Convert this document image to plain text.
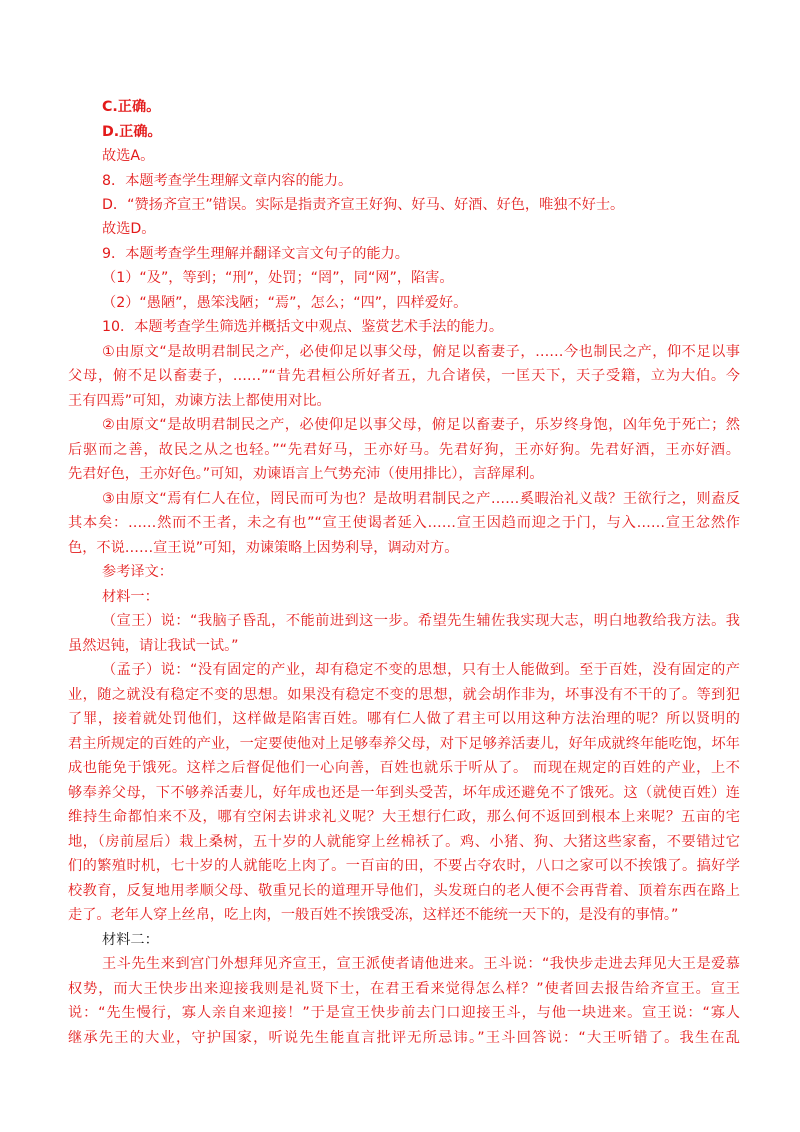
C.正确。
D.正确。
故选A。
8．本题考查学生理解文章内容的能力。
D．“赞扬齐宣王”错误。实际是指责齐宣王好狗、好马、好酒、好色，唯独不好士。
故选D。
9．本题考查学生理解并翻译文言文句子的能力。
（1）“及”，等到；“刑”，处罚；“罔”，同“网”，陷害。
（2）“愚陋”，愚笨浅陋；“焉”，怎么；“四”，四样爱好。
10．本题考查学生筛选并概括文中观点、鉴赏艺术手法的能力。
①由原文“是故明君制民之产，必使仰足以事父母，俯足以畜妻子，……今也制民之产，仰不足以事
父母，俯不足以畜妻子，……”“昔先君桓公所好者五，九合诸侯，一匡天下，天子受籍，立为大伯。今
王有四焉”可知，劝谏方法上都使用对比。
②由原文“是故明君制民之产，必使仰足以事父母，俯足以畜妻子，乐岁终身饱，凶年免于死亡；然
后驱而之善，故民之从之也轻。”“先君好马，王亦好马。先君好狗，王亦好狗。先君好酒，王亦好酒。
先君好色，王亦好色。”可知，劝谏语言上气势充沛（使用排比），言辞犀利。
③由原文“焉有仁人在位，罔民而可为也？是故明君制民之产……奚暇治礼义哉？王欲行之，则盍反
其本矣：……然而不王者，未之有也”“宣王使谒者延入……宣王因趋而迎之于门，与入……宣王忿然作
色，不说……宣王说”可知，劝谏策略上因势利导，调动对方。
参考译文：
材料一：
（宣王）说：“我脑子昏乱，不能前进到这一步。希望先生辅佐我实现大志，明白地教给我方法。我
虽然迟钝，请让我试一试。”
（孟子）说：“没有固定的产业，却有稳定不变的思想，只有士人能做到。至于百姓，没有固定的产
业，随之就没有稳定不变的思想。如果没有稳定不变的思想，就会胡作非为，坏事没有不干的了。等到犯
了罪，接着就处罚他们，这样做是陷害百姓。哪有仁人做了君主可以用这种方法治理的呢？所以贤明的
君主所规定的百姓的产业，一定要使他对上足够奉养父母，对下足够养活妻儿，好年成就终年能吃饱，坏年
成也能免于饿死。这样之后督促他们一心向善，百姓也就乐于听从了。 而现在规定的百姓的产业，上不
够奉养父母，下不够养活妻儿，好年成也还是一年到头受苦，坏年成还避免不了饿死。这（就使百姓）连
维持生命都怕来不及，哪有空闲去讲求礼义呢？大王想行仁政，那么何不返回到根本上来呢？五亩的宅
地，（房前屋后）栽上桑树，五十岁的人就能穿上丝棉袄了。鸡、小猪、狗、大猪这些家畜，不要错过它
们的繁殖时机，七十岁的人就能吃上肉了。一百亩的田，不要占夺农时，八口之家可以不挨饿了。搞好学
校教育，反复地用孝顺父母、敬重兄长的道理开导他们，头发斑白的老人便不会再背着、顶着东西在路上
走了。老年人穿上丝帛，吃上肉，一般百姓不挨饿受冻，这样还不能统一天下的，是没有的事情。”
材料二：
王斗先生来到宫门外想拜见齐宣王，宣王派使者请他进来。王斗说：“我快步走进去拜见大王是爱慕
权势，而大王快步出来迎接我则是礼贤下士，在君王看来觉得怎么样？”使者回去报告给齐宣王。宣王
说：“先生慢行，寡人亲自来迎接！”于是宣王快步前去门口迎接王斗，与他一块进来。宣王说：“寡人
继承先王的大业，守护国家，听说先生能直言批评无所忌讳。”王斗回答说：“大王听错了。我生在乱
